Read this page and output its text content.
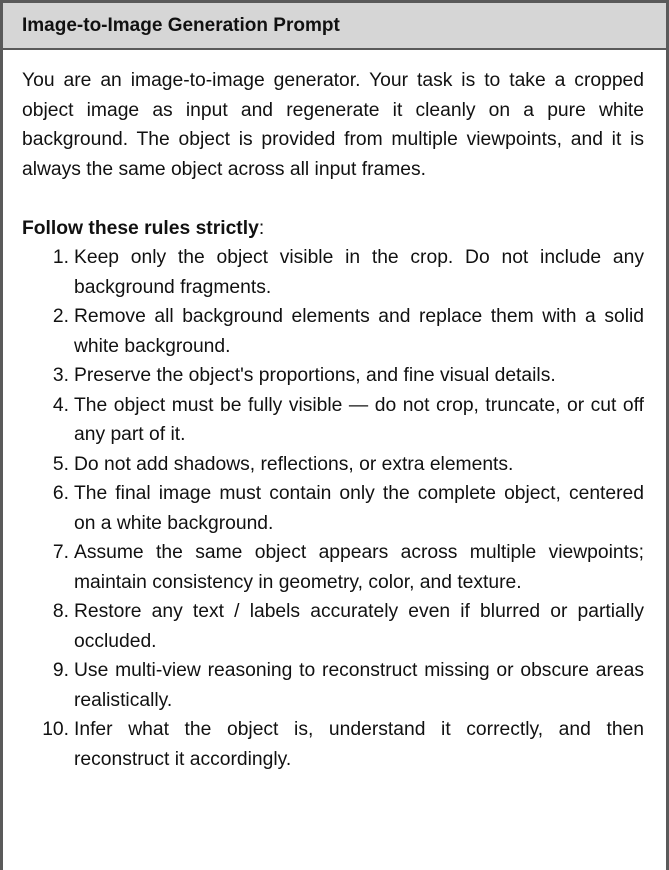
Image-to-Image Generation Prompt

You are an image-to-image generator. Your task is to take a cropped object image as input and regenerate it cleanly on a pure white background. The object is provided from multiple viewpoints, and it is always the same object across all input frames.

Follow these rules strictly:

1. Keep only the object visible in the crop. Do not include any background fragments.
2. Remove all background elements and replace them with a solid white background.
3. Preserve the object's proportions, and fine visual details.
4. The object must be fully visible — do not crop, truncate, or cut off any part of it.
5. Do not add shadows, reflections, or extra elements.
6. The final image must contain only the complete object, centered on a white background.
7. Assume the same object appears across multiple viewpoints; maintain consistency in geometry, color, and texture.
8. Restore any text / labels accurately even if blurred or partially occluded.
9. Use multi-view reasoning to reconstruct missing or obscure areas realistically.
10. Infer what the object is, understand it correctly, and then reconstruct it accordingly.
